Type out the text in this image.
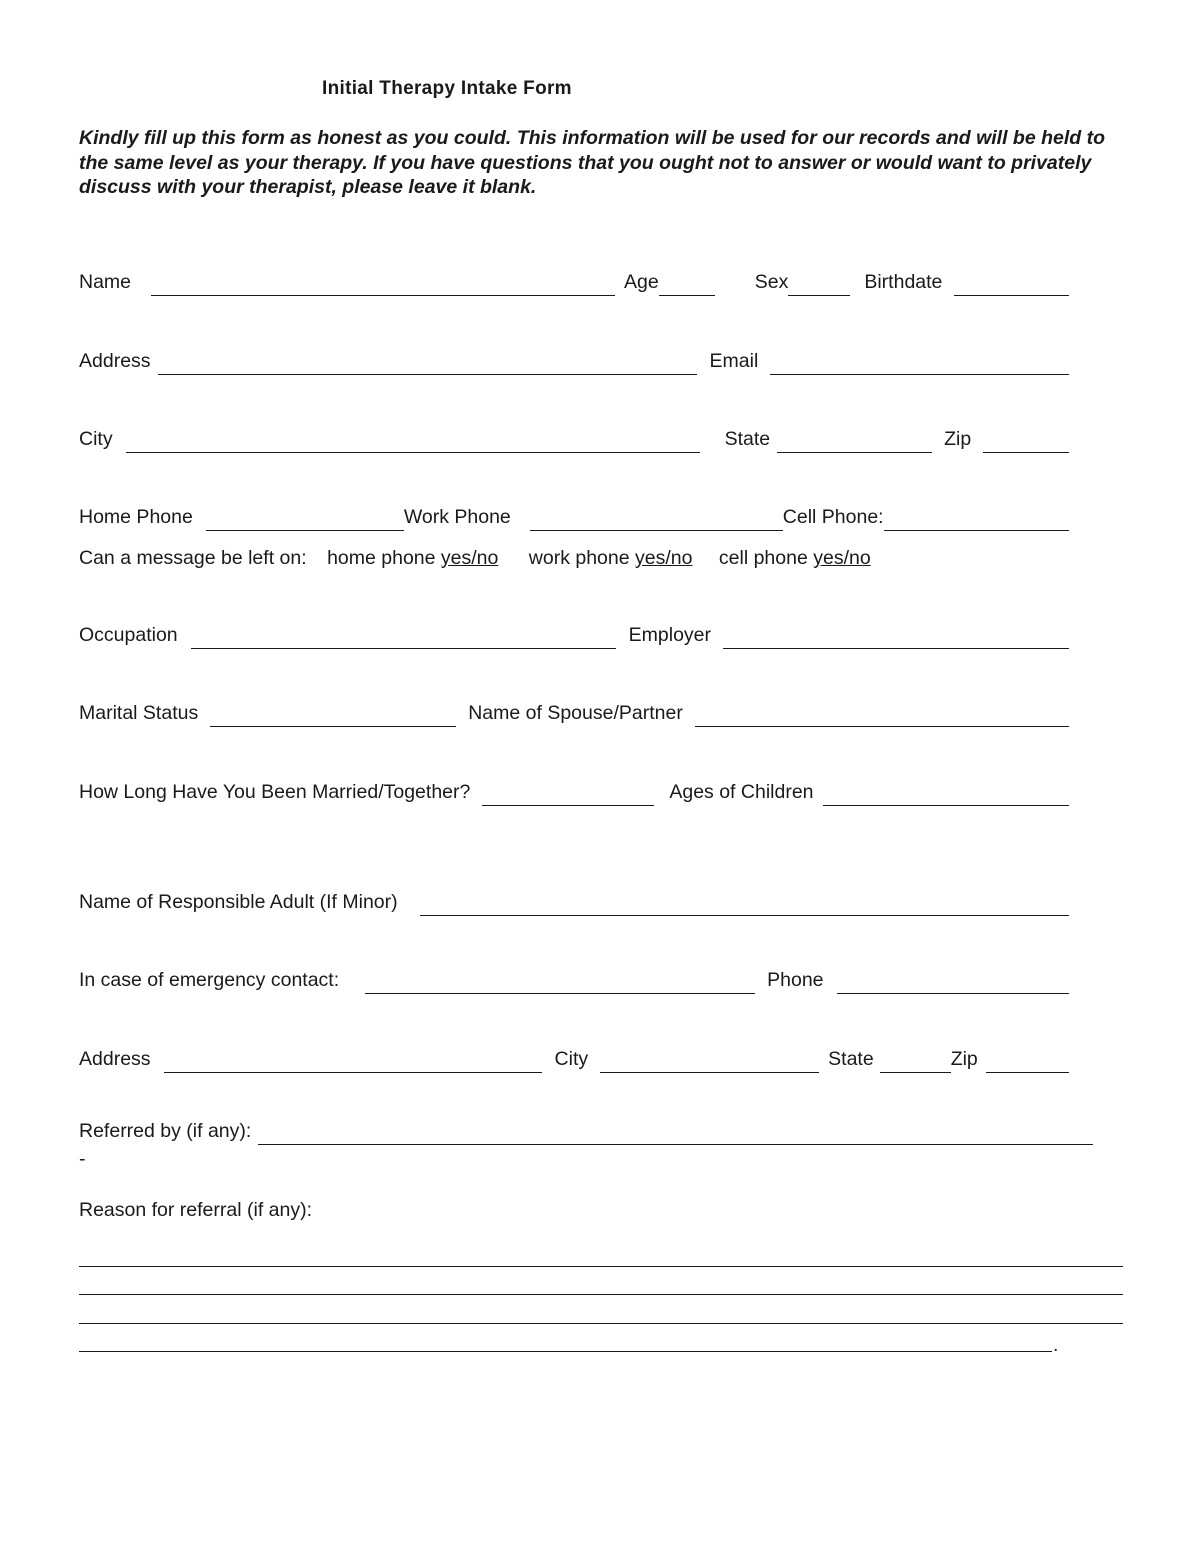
Initial Therapy Intake Form
Kindly fill up this form as honest as you could. This information will be used for our records and will be held to the same level as your therapy. If you have questions that you ought not to answer or would want to privately discuss with your therapist, please leave it blank.
Name	Age	Sex	Birthdate
Address	Email
City	State	Zip
Home Phone	Work Phone	Cell Phone:
Can a message be left on: home phone yes/no work phone yes/no cell phone yes/no
Occupation	Employer
Marital Status	Name of Spouse/Partner
How Long Have You Been Married/Together?	Ages of Children
Name of Responsible Adult (If Minor)
In case of emergency contact:	Phone
Address	City	State	Zip
Referred by (if any):
-
Reason for referral (if any):
.
